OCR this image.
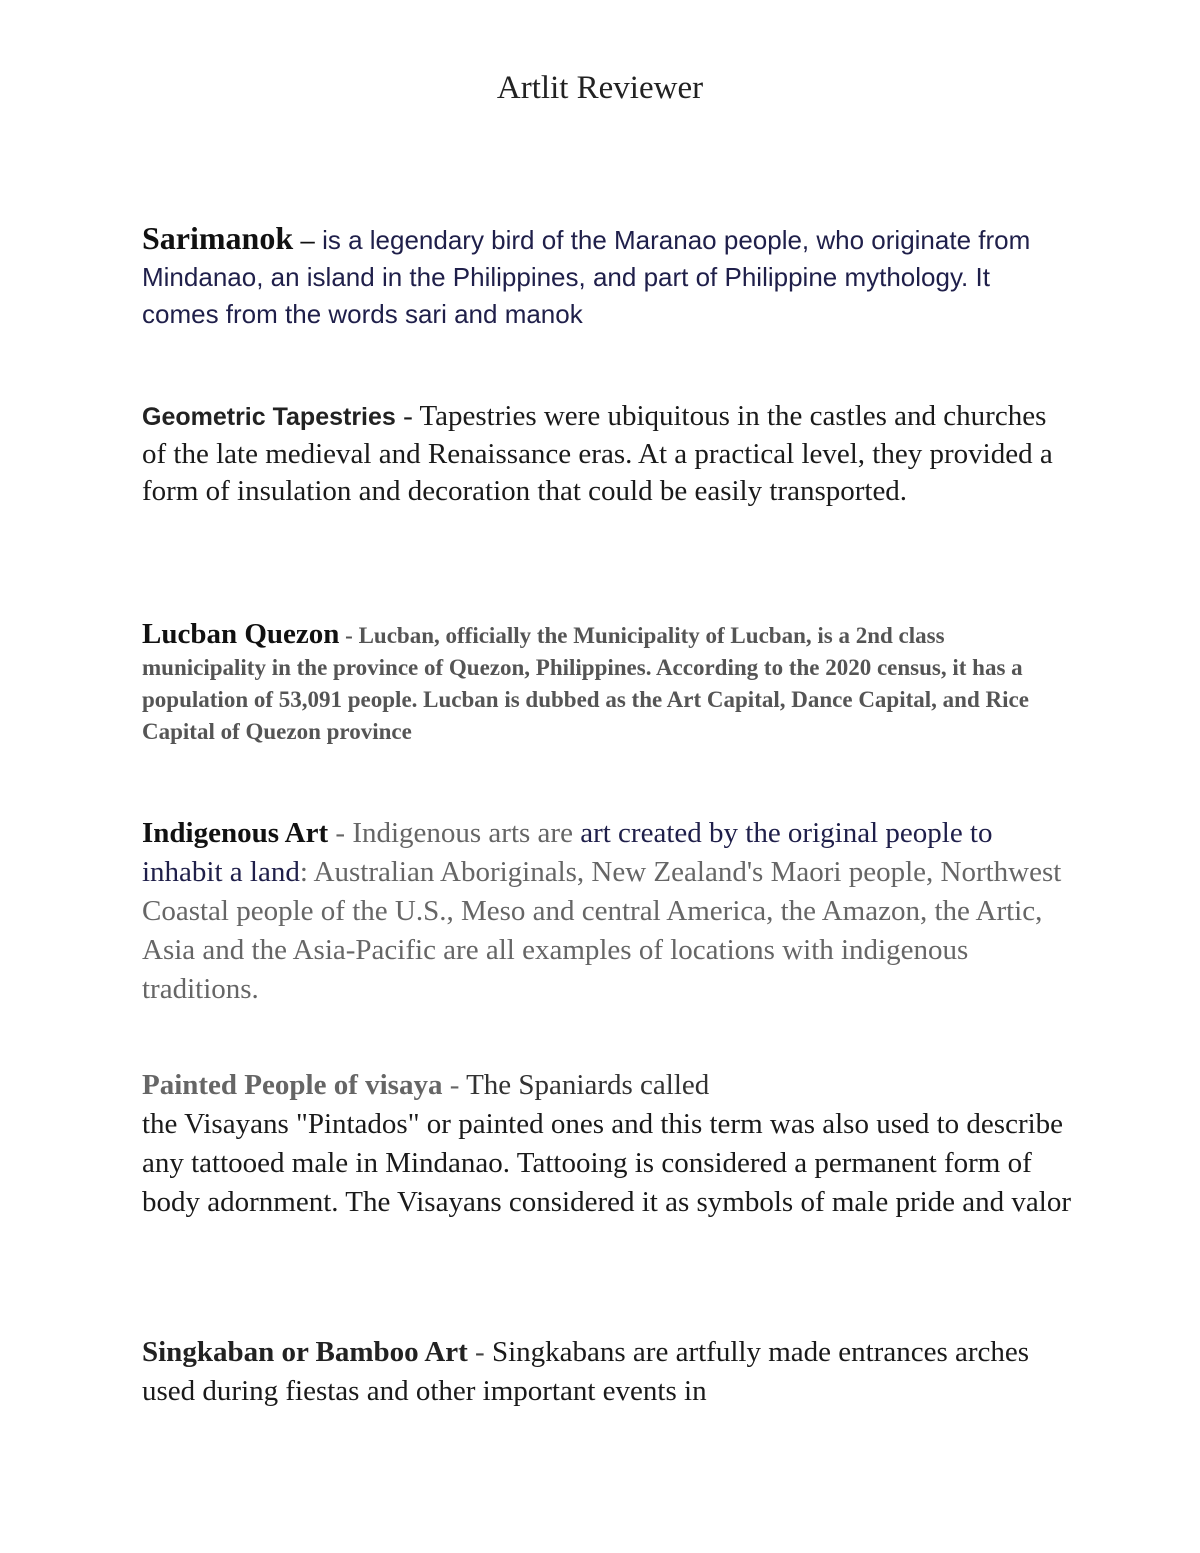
Artlit Reviewer

Sarimanok – is a legendary bird of the Maranao people, who originate from Mindanao, an island in the Philippines, and part of Philippine mythology. It comes from the words sari and manok

Geometric Tapestries - Tapestries were ubiquitous in the castles and churches of the late medieval and Renaissance eras. At a practical level, they provided a form of insulation and decoration that could be easily transported.

Lucban Quezon - Lucban, officially the Municipality of Lucban, is a 2nd class municipality in the province of Quezon, Philippines. According to the 2020 census, it has a population of 53,091 people. Lucban is dubbed as the Art Capital, Dance Capital, and Rice Capital of Quezon province

Indigenous Art - Indigenous arts are art created by the original people to inhabit a land: Australian Aboriginals, New Zealand's Maori people, Northwest Coastal people of the U.S., Meso and central America, the Amazon, the Artic, Asia and the Asia-Pacific are all examples of locations with indigenous traditions.

Painted People of visaya - The Spaniards called
the Visayans "Pintados" or painted ones and this term was also used to describe any tattooed male in Mindanao. Tattooing is considered a permanent form of body adornment. The Visayans considered it as symbols of male pride and valor

Singkaban or Bamboo Art - Singkabans are artfully made entrances arches used during fiestas and other important events in
